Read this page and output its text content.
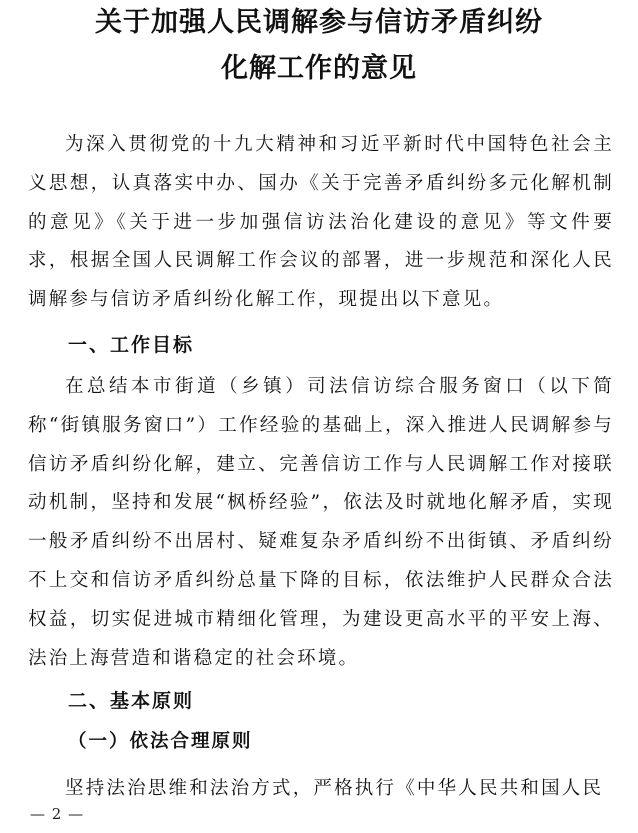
关于加强人民调解参与信访矛盾纠纷
化解工作的意见
为深入贯彻党的十九大精神和习近平新时代中国特色社会主义思想，认真落实中办、国办《关于完善矛盾纠纷多元化解机制的意见》《关于进一步加强信访法治化建设的意见》等文件要求，根据全国人民调解工作会议的部署，进一步规范和深化人民调解参与信访矛盾纠纷化解工作，现提出以下意见。
一、工作目标
在总结本市街道（乡镇）司法信访综合服务窗口（以下简称“街镇服务窗口”）工作经验的基础上，深入推进人民调解参与信访矛盾纠纷化解，建立、完善信访工作与人民调解工作对接联动机制，坚持和发展“枫桥经验”，依法及时就地化解矛盾，实现一般矛盾纠纷不出居村、疑难复杂矛盾纠纷不出街镇、矛盾纠纷不上交和信访矛盾纠纷总量下降的目标，依法维护人民群众合法权益，切实促进城市精细化管理，为建设更高水平的平安上海、法治上海营造和谐稳定的社会环境。
二、基本原则
（一）依法合理原则
坚持法治思维和法治方式，严格执行《中华人民共和国人民
— 2 —
